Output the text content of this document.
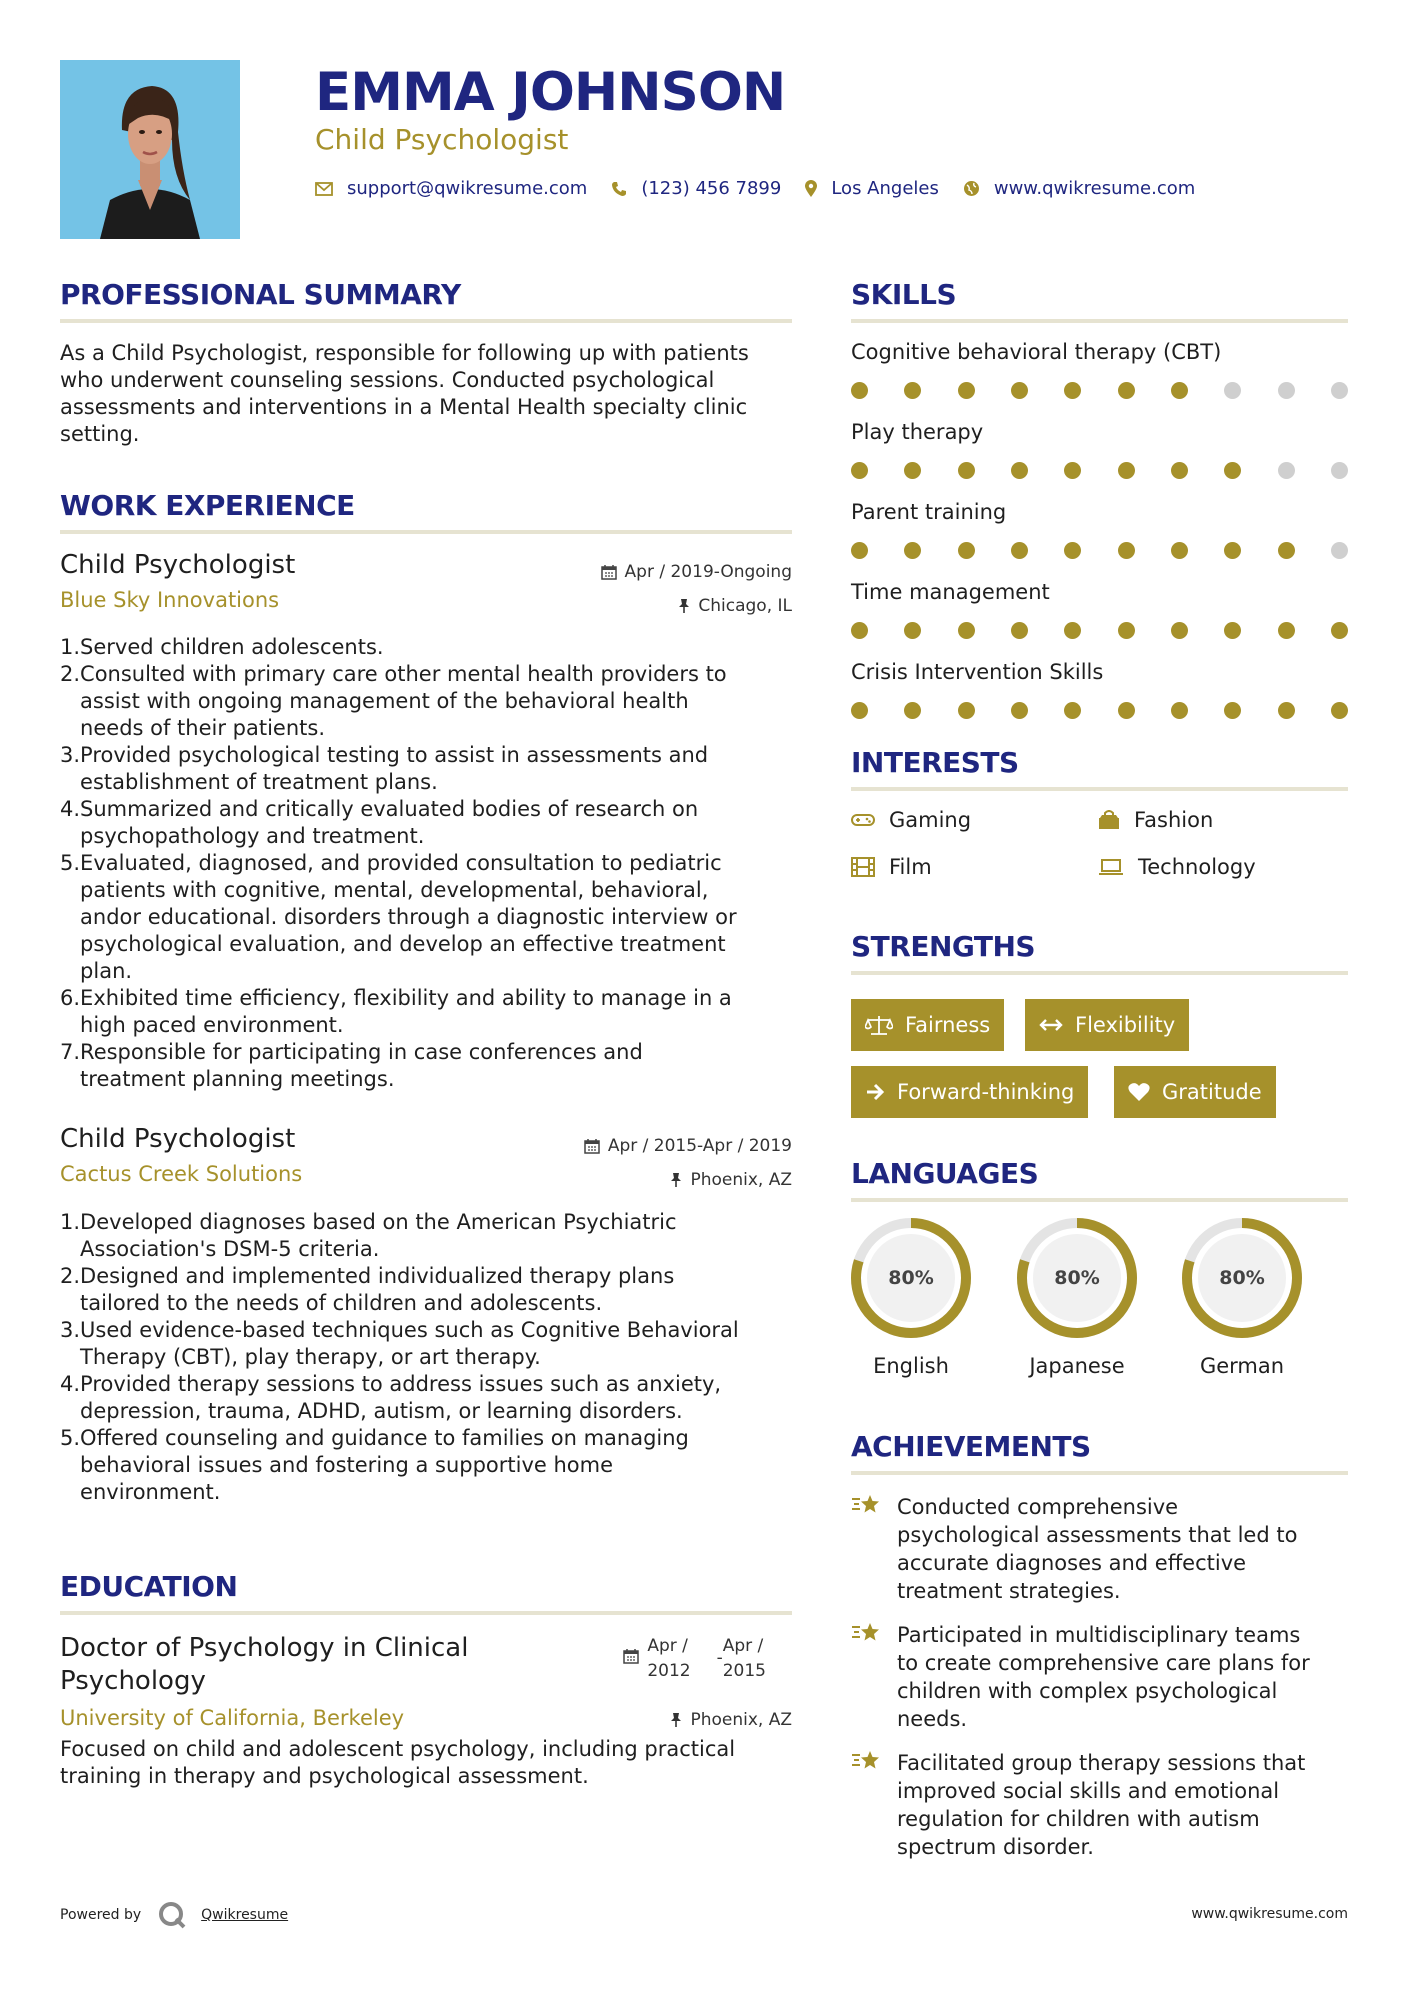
EMMA JOHNSON
Child Psychologist
support@qwikresume.com	(123) 456 7899	Los Angeles	www.qwikresume.com
PROFESSIONAL SUMMARY
As a Child Psychologist, responsible for following up with patients
who underwent counseling sessions. Conducted psychological
assessments and interventions in a Mental Health specialty clinic
setting.
WORK EXPERIENCE
Child Psychologist
Blue Sky Innovations
Apr / 2019-Ongoing
Chicago, IL
1. Served children adolescents.
2. Consulted with primary care other mental health providers to
assist with ongoing management of the behavioral health
needs of their patients.
3. Provided psychological testing to assist in assessments and
establishment of treatment plans.
4. Summarized and critically evaluated bodies of research on
psychopathology and treatment.
5. Evaluated, diagnosed, and provided consultation to pediatric
patients with cognitive, mental, developmental, behavioral,
andor educational. disorders through a diagnostic interview or
psychological evaluation, and develop an effective treatment
plan.
6. Exhibited time efficiency, flexibility and ability to manage in a
high paced environment.
7. Responsible for participating in case conferences and
treatment planning meetings.
Child Psychologist
Cactus Creek Solutions
Apr / 2015-Apr / 2019
Phoenix, AZ
1. Developed diagnoses based on the American Psychiatric
Association's DSM-5 criteria.
2. Designed and implemented individualized therapy plans
tailored to the needs of children and adolescents.
3. Used evidence-based techniques such as Cognitive Behavioral
Therapy (CBT), play therapy, or art therapy.
4. Provided therapy sessions to address issues such as anxiety,
depression, trauma, ADHD, autism, or learning disorders.
5. Offered counseling and guidance to families on managing
behavioral issues and fostering a supportive home
environment.
EDUCATION
Doctor of Psychology in Clinical
Psychology
University of California, Berkeley
Apr /
2012
-
Apr /
2015
Phoenix, AZ
Focused on child and adolescent psychology, including practical
training in therapy and psychological assessment.
SKILLS
Cognitive behavioral therapy (CBT)
Play therapy
Parent training
Time management
Crisis Intervention Skills
INTERESTS
Gaming	Fashion
Film	Technology
STRENGTHS
Fairness	Flexibility
Forward-thinking	Gratitude
LANGUAGES
80%
English
80%
Japanese
80%
German
ACHIEVEMENTS
Conducted comprehensive
psychological assessments that led to
accurate diagnoses and effective
treatment strategies.
Participated in multidisciplinary teams
to create comprehensive care plans for
children with complex psychological
needs.
Facilitated group therapy sessions that
improved social skills and emotional
regulation for children with autism
spectrum disorder.
Powered by	Qwikresume	www.qwikresume.com
